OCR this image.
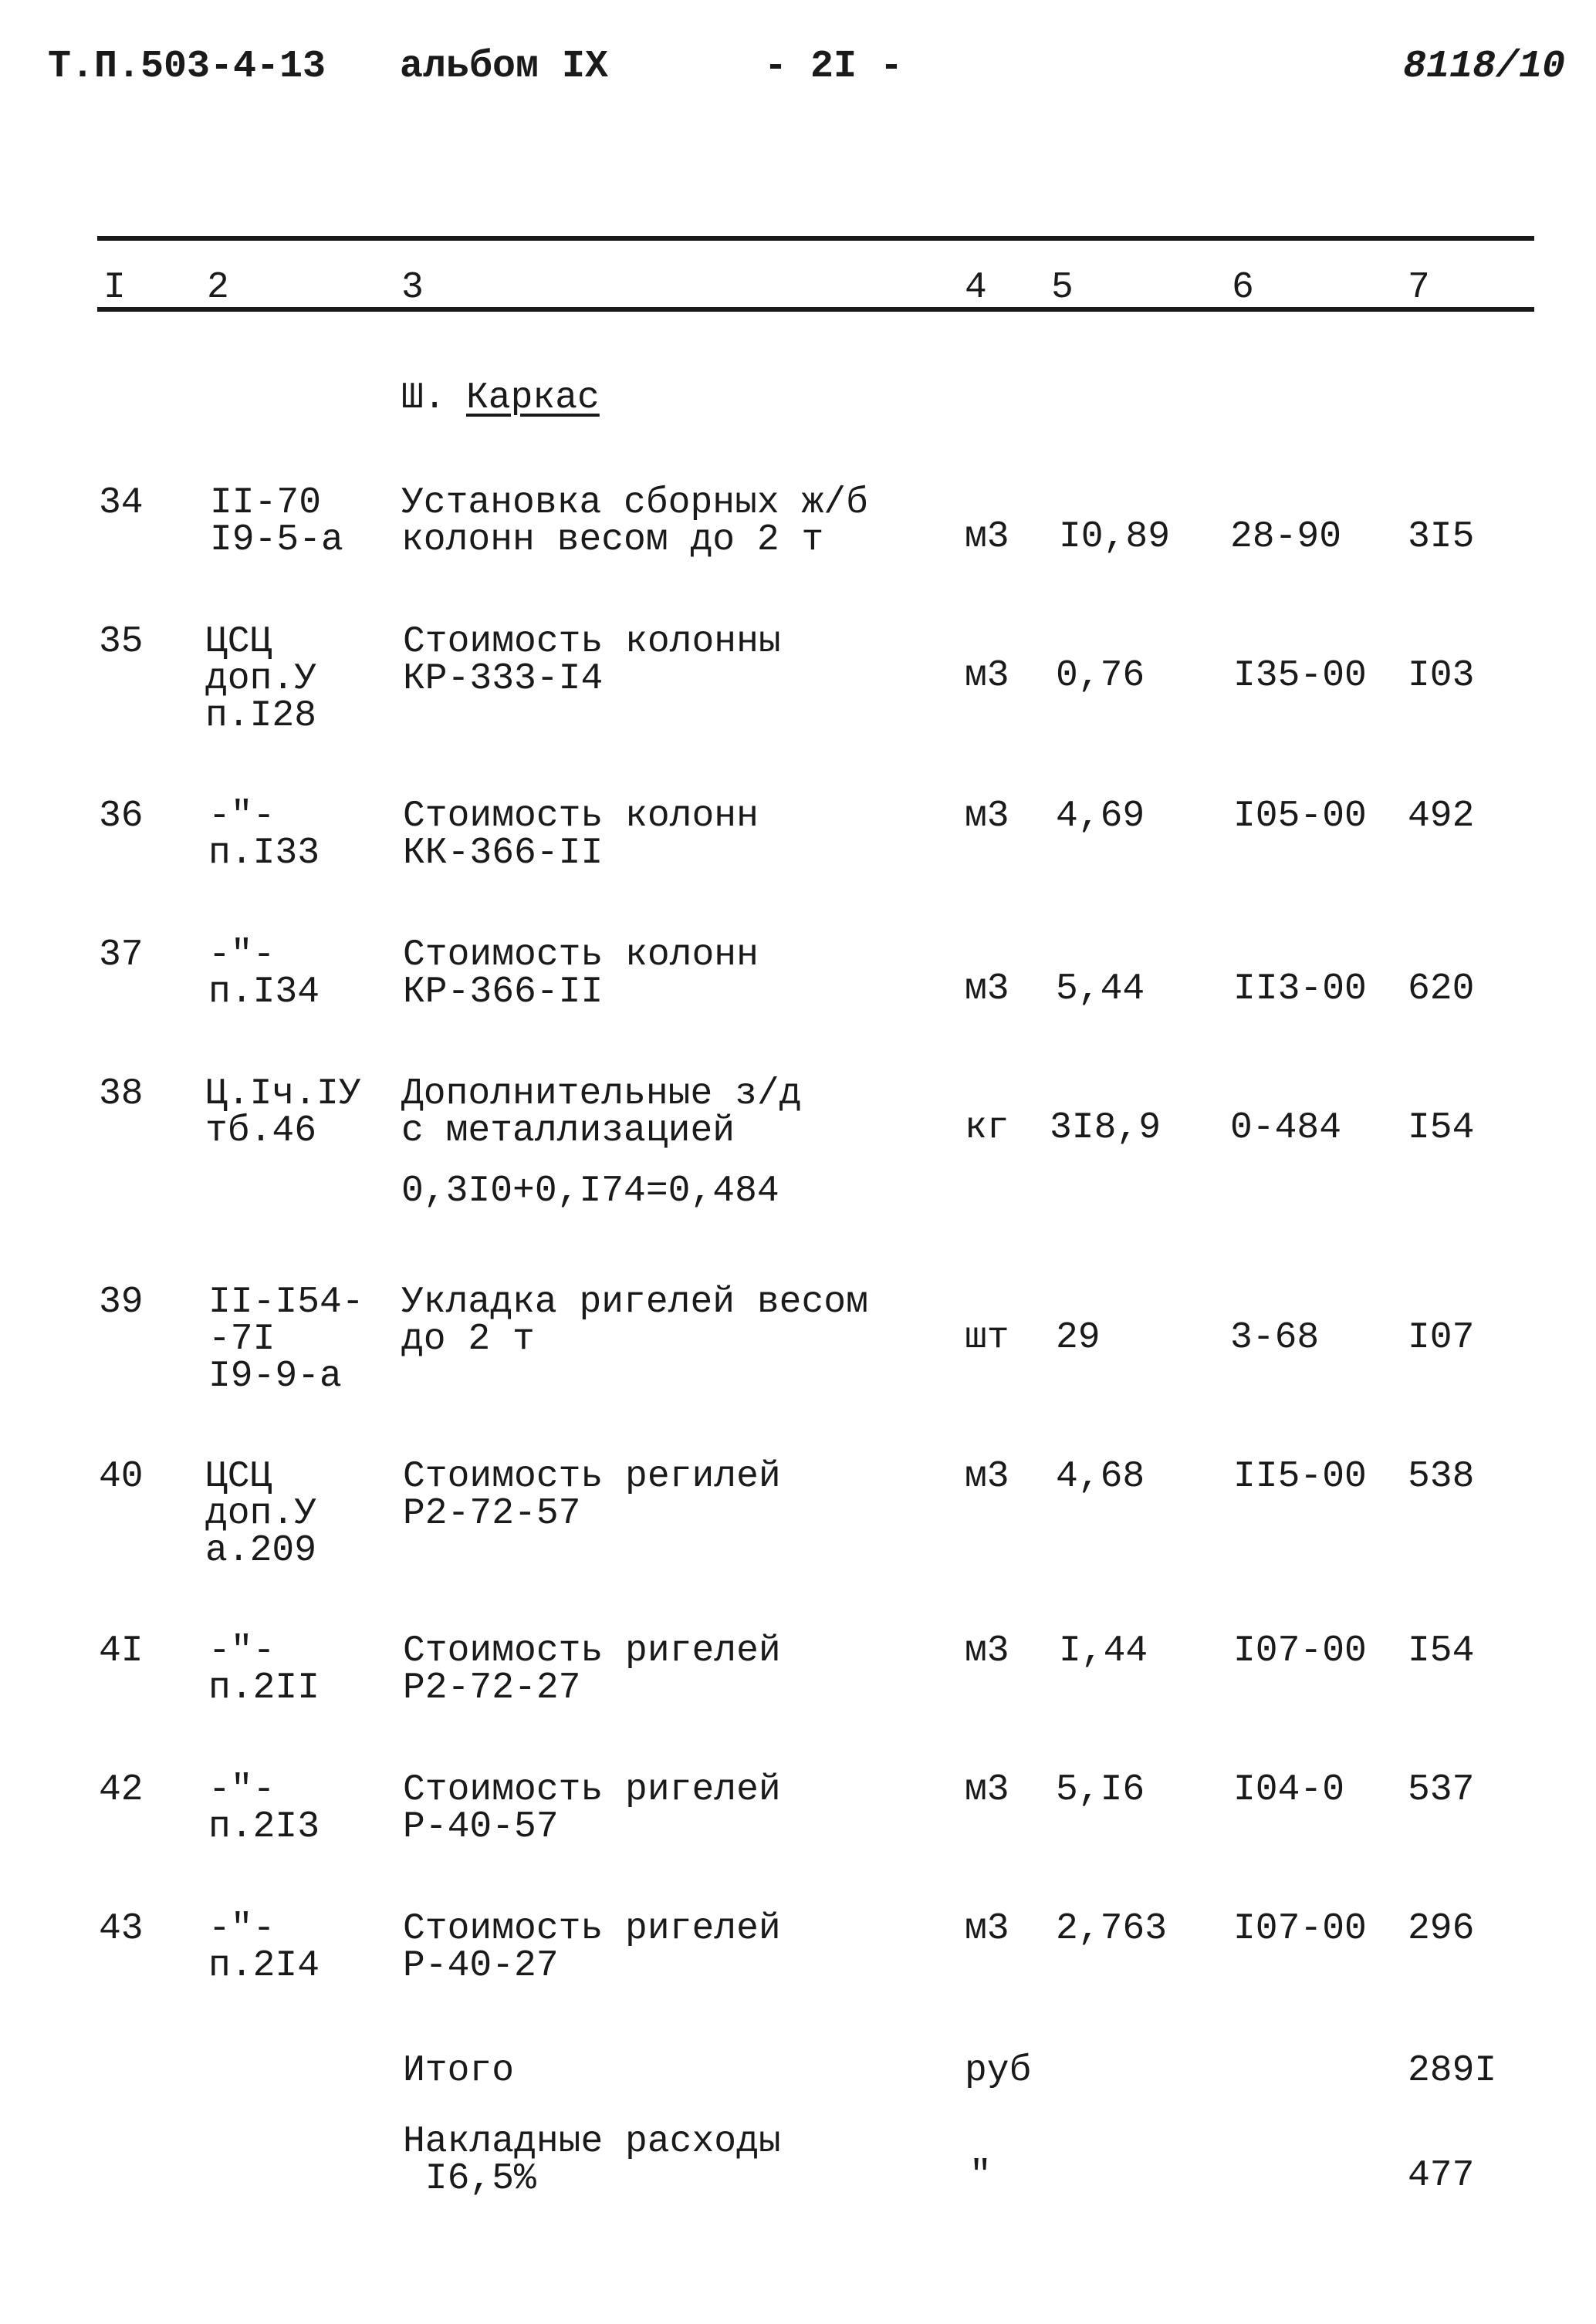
Т.П.503-4-13 альбом IX	- 2I -	8118/10
I 2	3	4 5	6	7
Ш. Каркас
34 II-70
I9-5-а
Установка сборных ж/б
колонн весом до 2 т	м3 I0,89 28-90 3I5
35 ЦСЦ
доп.У
п.I28
Стоимость колонны
КР-333-I4	м3 0,76 I35-00 I03
36 -"-
п.I33
Стоимость колонн
КК-366-II
м3 4,69 I05-00 492
37 -"-
п.I34
Стоимость колонн
КР-366-II	м3 5,44 II3-00 620
38 Ц.Iч.IУ
тб.46
Дополнительные з/д
с металлизацией
0,3I0+0,I74=0,484
кг 3I8,9 0-484 I54
39 II-I54-
-7I
I9-9-а
Укладка ригелей весом
до 2 т	шт 29	3-68 I07
40 ЦСЦ
доп.У
а.209
Стоимость регилей
Р2-72-57
м3 4,68 II5-00 538
4I -"-
п.2II
Стоимость ригелей
Р2-72-27
м3 I,44 I07-00 I54
42 -"-
п.2I3
Стоимость ригелей
Р-40-57
м3 5,I6 I04-0 537
43 -"-
п.2I4
Стоимость ригелей
Р-40-27
м3 2,763 I07-00 296
Итого	руб	289I
Накладные расходы
I6,5%	"	477
